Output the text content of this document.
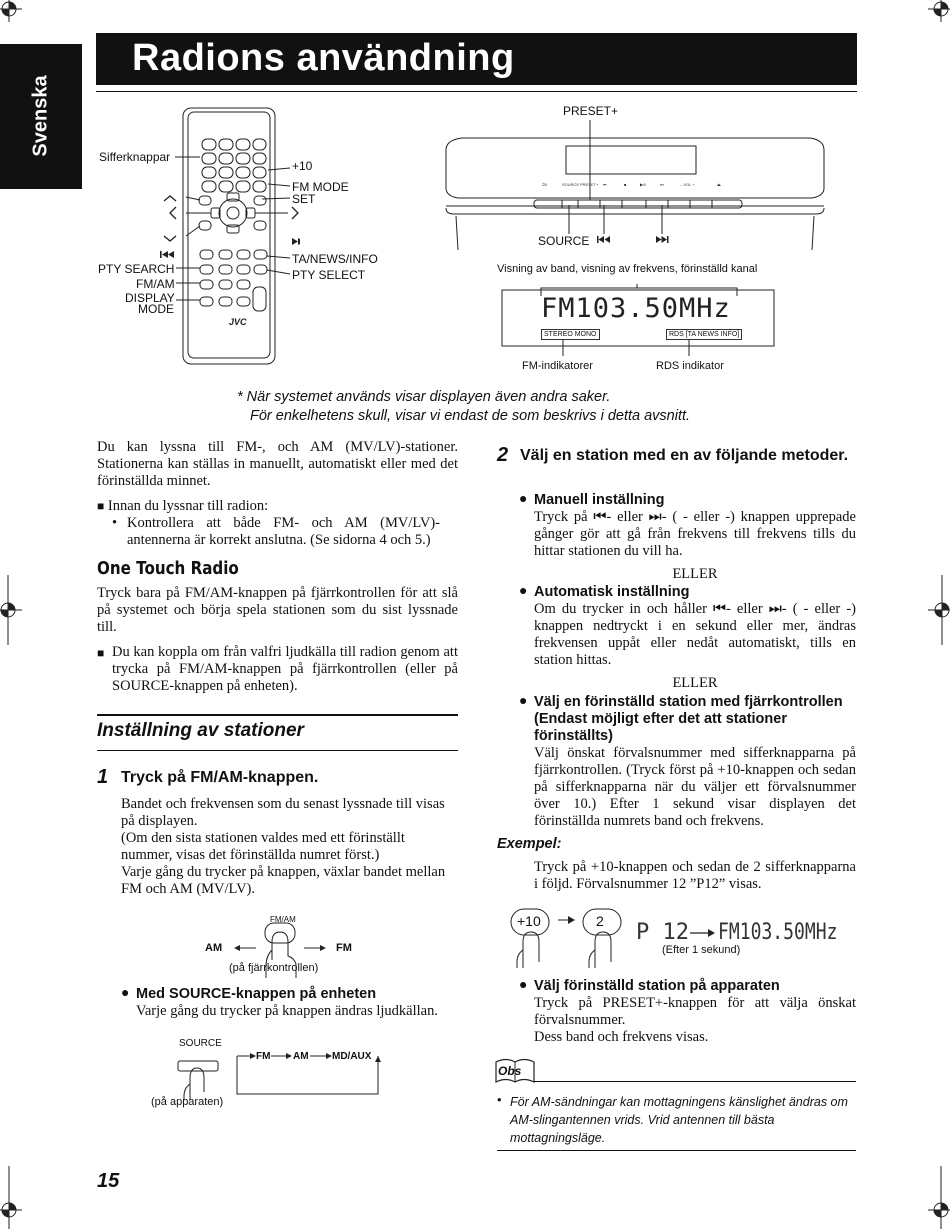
Svenska
Radions användning
JVC
Sifferknappar
+10
FM MODE
SET
TA/NEWS/INFO
PTY SELECT
PTY SEARCH
FM/AM
DISPLAY
MODE
⏻/I	SOURCE PRESET+ ⏮	■	▶/‖	⏭	– VOL +	⏏
PRESET+
SOURCE
Visning av band, visning av frekvens, förinställd kanal
FM103.50MHz
STEREO MONO	RDS [TA NEWS INFO]
FM-indikatorer	RDS indikator
* När systemet används visar displayen även andra saker.
För enkelhetens skull, visar vi endast de som beskrivs i detta avsnitt.

Du kan lyssna till FM-, och AM (MV/LV)-stationer. Stationerna kan ställas in manuellt, automatiskt eller med det förinställda minnet.

■ Innan du lyssnar till radion:
• Kontrollera att både FM- och AM (MV/LV)-antennerna är korrekt anslutna. (Se sidorna 4 och 5.)

One Touch Radio

Tryck bara på FM/AM-knappen på fjärrkontrollen för att slå på systemet och börja spela stationen som du sist lyssnade till.

■ Du kan koppla om från valfri ljudkälla till radion genom att trycka på FM/AM-knappen på fjärrkontrollen (eller på SOURCE-knappen på enheten).

Inställning av stationer
1 Tryck på FM/AM-knappen.

Bandet och frekvensen som du senast lyssnade till visas på displayen.
(Om den sista stationen valdes med ett förinställt nummer, visas det förinställda numret först.)
Varje gång du trycker på knappen, växlar bandet mellan FM och AM (MV/LV).

FM/AM
AM	FM
(på fjärrkontrollen)
● Med SOURCE-knappen på enheten

Varje gång du trycker på knappen ändras ljudkällan.

SOURCE
FM AM MD/AUX
(på apparaten)
2 Välj en station med en av följande metoder.
● Manuell inställning

Tryck på ⏮- eller ⏭- ( - eller -) knappen upprepade gånger gör att gå från frekvens till frekvens tills du hittar stationen du vill ha.

ELLER
● Automatisk inställning

Om du trycker in och håller ⏮- eller ⏭- ( - eller -) knappen nedtryckt i en sekund eller mer, ändras frekvensen uppåt eller nedåt automatiskt, tills en station hittas.

ELLER
● Välj en förinställd station med fjärrkontrollen (Endast möjligt efter det att stationer förinställts)

Välj önskat förvalsnummer med sifferknapparna på fjärrkontrollen. (Tryck först på +10-knappen och sedan på sifferknapparna när du väljer ett förvalsnummer över 10.) Efter 1 sekund visar displayen det förinställda numrets band och frekvens.

Exempel:

Tryck på +10-knappen och sedan de 2 sifferknapparna i följd. Förvalsnummer 12 ”P12” visas.

+10	2 P 12 FM103.50MHz
(Efter 1 sekund)
● Välj förinställd station på apparaten

Tryck på PRESET+-knappen för att välja önskat förvalsnummer.

Dess band och frekvens visas.

Obs
• För AM-sändningar kan mottagningens känslighet ändras om AM-slingantennen vrids. Vrid antennen till bästa mottagningsläge.

15
